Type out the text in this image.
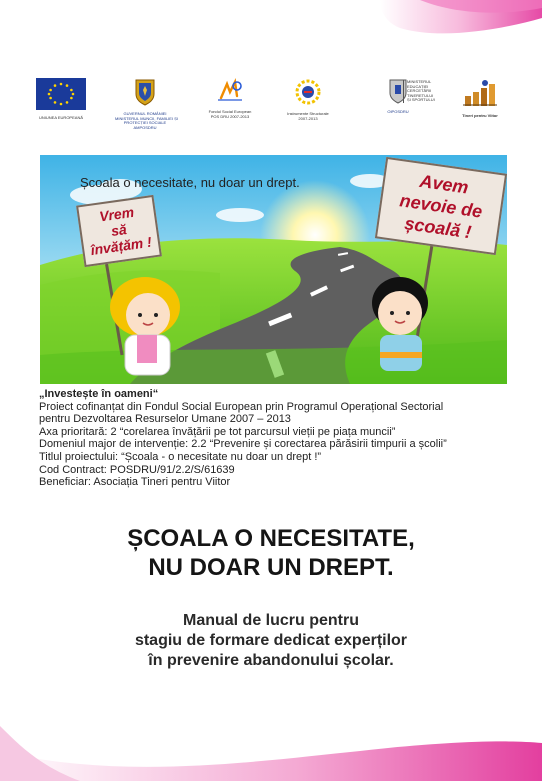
UNIUNEA EUROPEANĂ
GUVERNUL ROMÂNIEI
MINISTERUL MUNCII, FAMILIEI ȘI
PROTECȚIEI SOCIALE
AMPOSDRU
Fondul Social European
POS DRU 2007-2013	Instrumente Structurale
2007-2013
OIPOSDRU
MINISTERUL
EDUCAȚIEI
CERCETĂRII
TINERETULUI
ȘI SPORTULUI
Tineri pentru Viitor
Școala o necesitate, nu doar un drept.
Vrem
să
învățăm !
Avem
nevoie de
școală !
„Investește în oameni“
Proiect cofinanțat din Fondul Social European prin Programul Operațional Sectorial
pentru Dezvoltarea Resurselor Umane 2007 – 2013
Axa prioritară: 2 “corelarea învățării pe tot parcursul vieții pe piața muncii”
Domeniul major de intervenție: 2.2 “Prevenire și corectarea părăsirii timpurii a școlii”
Titlul proiectului: “Școala - o necesitate nu doar un drept !”
Cod Contract: POSDRU/91/2.2/S/61639
Beneficiar: Asociația Tineri pentru Viitor
ȘCOALA O NECESITATE,
NU DOAR UN DREPT.
Manual de lucru pentru
stagiu de formare dedicat experților
în prevenire abandonului școlar.
